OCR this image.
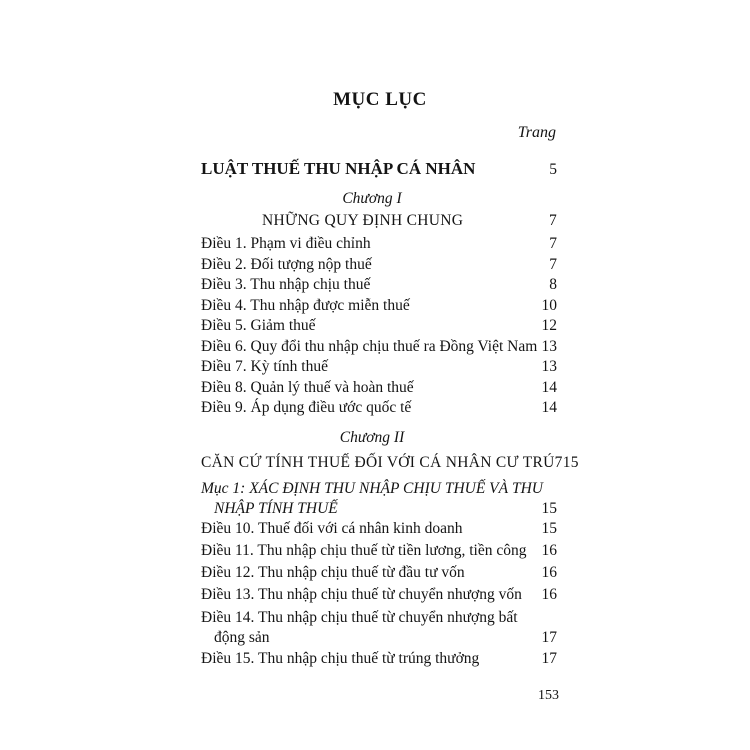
MỤC LỤC
Trang
LUẬT THUẾ THU NHẬP CÁ NHÂN	5
Chương I
NHỮNG QUY ĐỊNH CHUNG	7
Điều 1. Phạm vi điều chỉnh	7
Điều 2. Đối tượng nộp thuế	7
Điều 3. Thu nhập chịu thuế	8
Điều 4. Thu nhập được miễn thuế	10
Điều 5. Giảm thuế	12
Điều 6. Quy đổi thu nhập chịu thuế ra Đồng Việt Nam 13
Điều 7. Kỳ tính thuế	13
Điều 8. Quản lý thuế và hoàn thuế	14
Điều 9. Áp dụng điều ước quốc tế	14
Chương II
CĂN CỨ TÍNH THUẾ ĐỐI VỚI CÁ NHÂN CƯ TRÚ 715
Mục 1: XÁC ĐỊNH THU NHẬP CHỊU THUẾ VÀ THU
NHẬP TÍNH THUẾ	15
Điều 10. Thuế đối với cá nhân kinh doanh	15
Điều 11. Thu nhập chịu thuế từ tiền lương, tiền công 16
Điều 12. Thu nhập chịu thuế từ đầu tư vốn	16
Điều 13. Thu nhập chịu thuế từ chuyển nhượng vốn	16
Điều 14. Thu nhập chịu thuế từ chuyển nhượng bất
động sản	17
Điều 15. Thu nhập chịu thuế từ trúng thưởng	17
153
